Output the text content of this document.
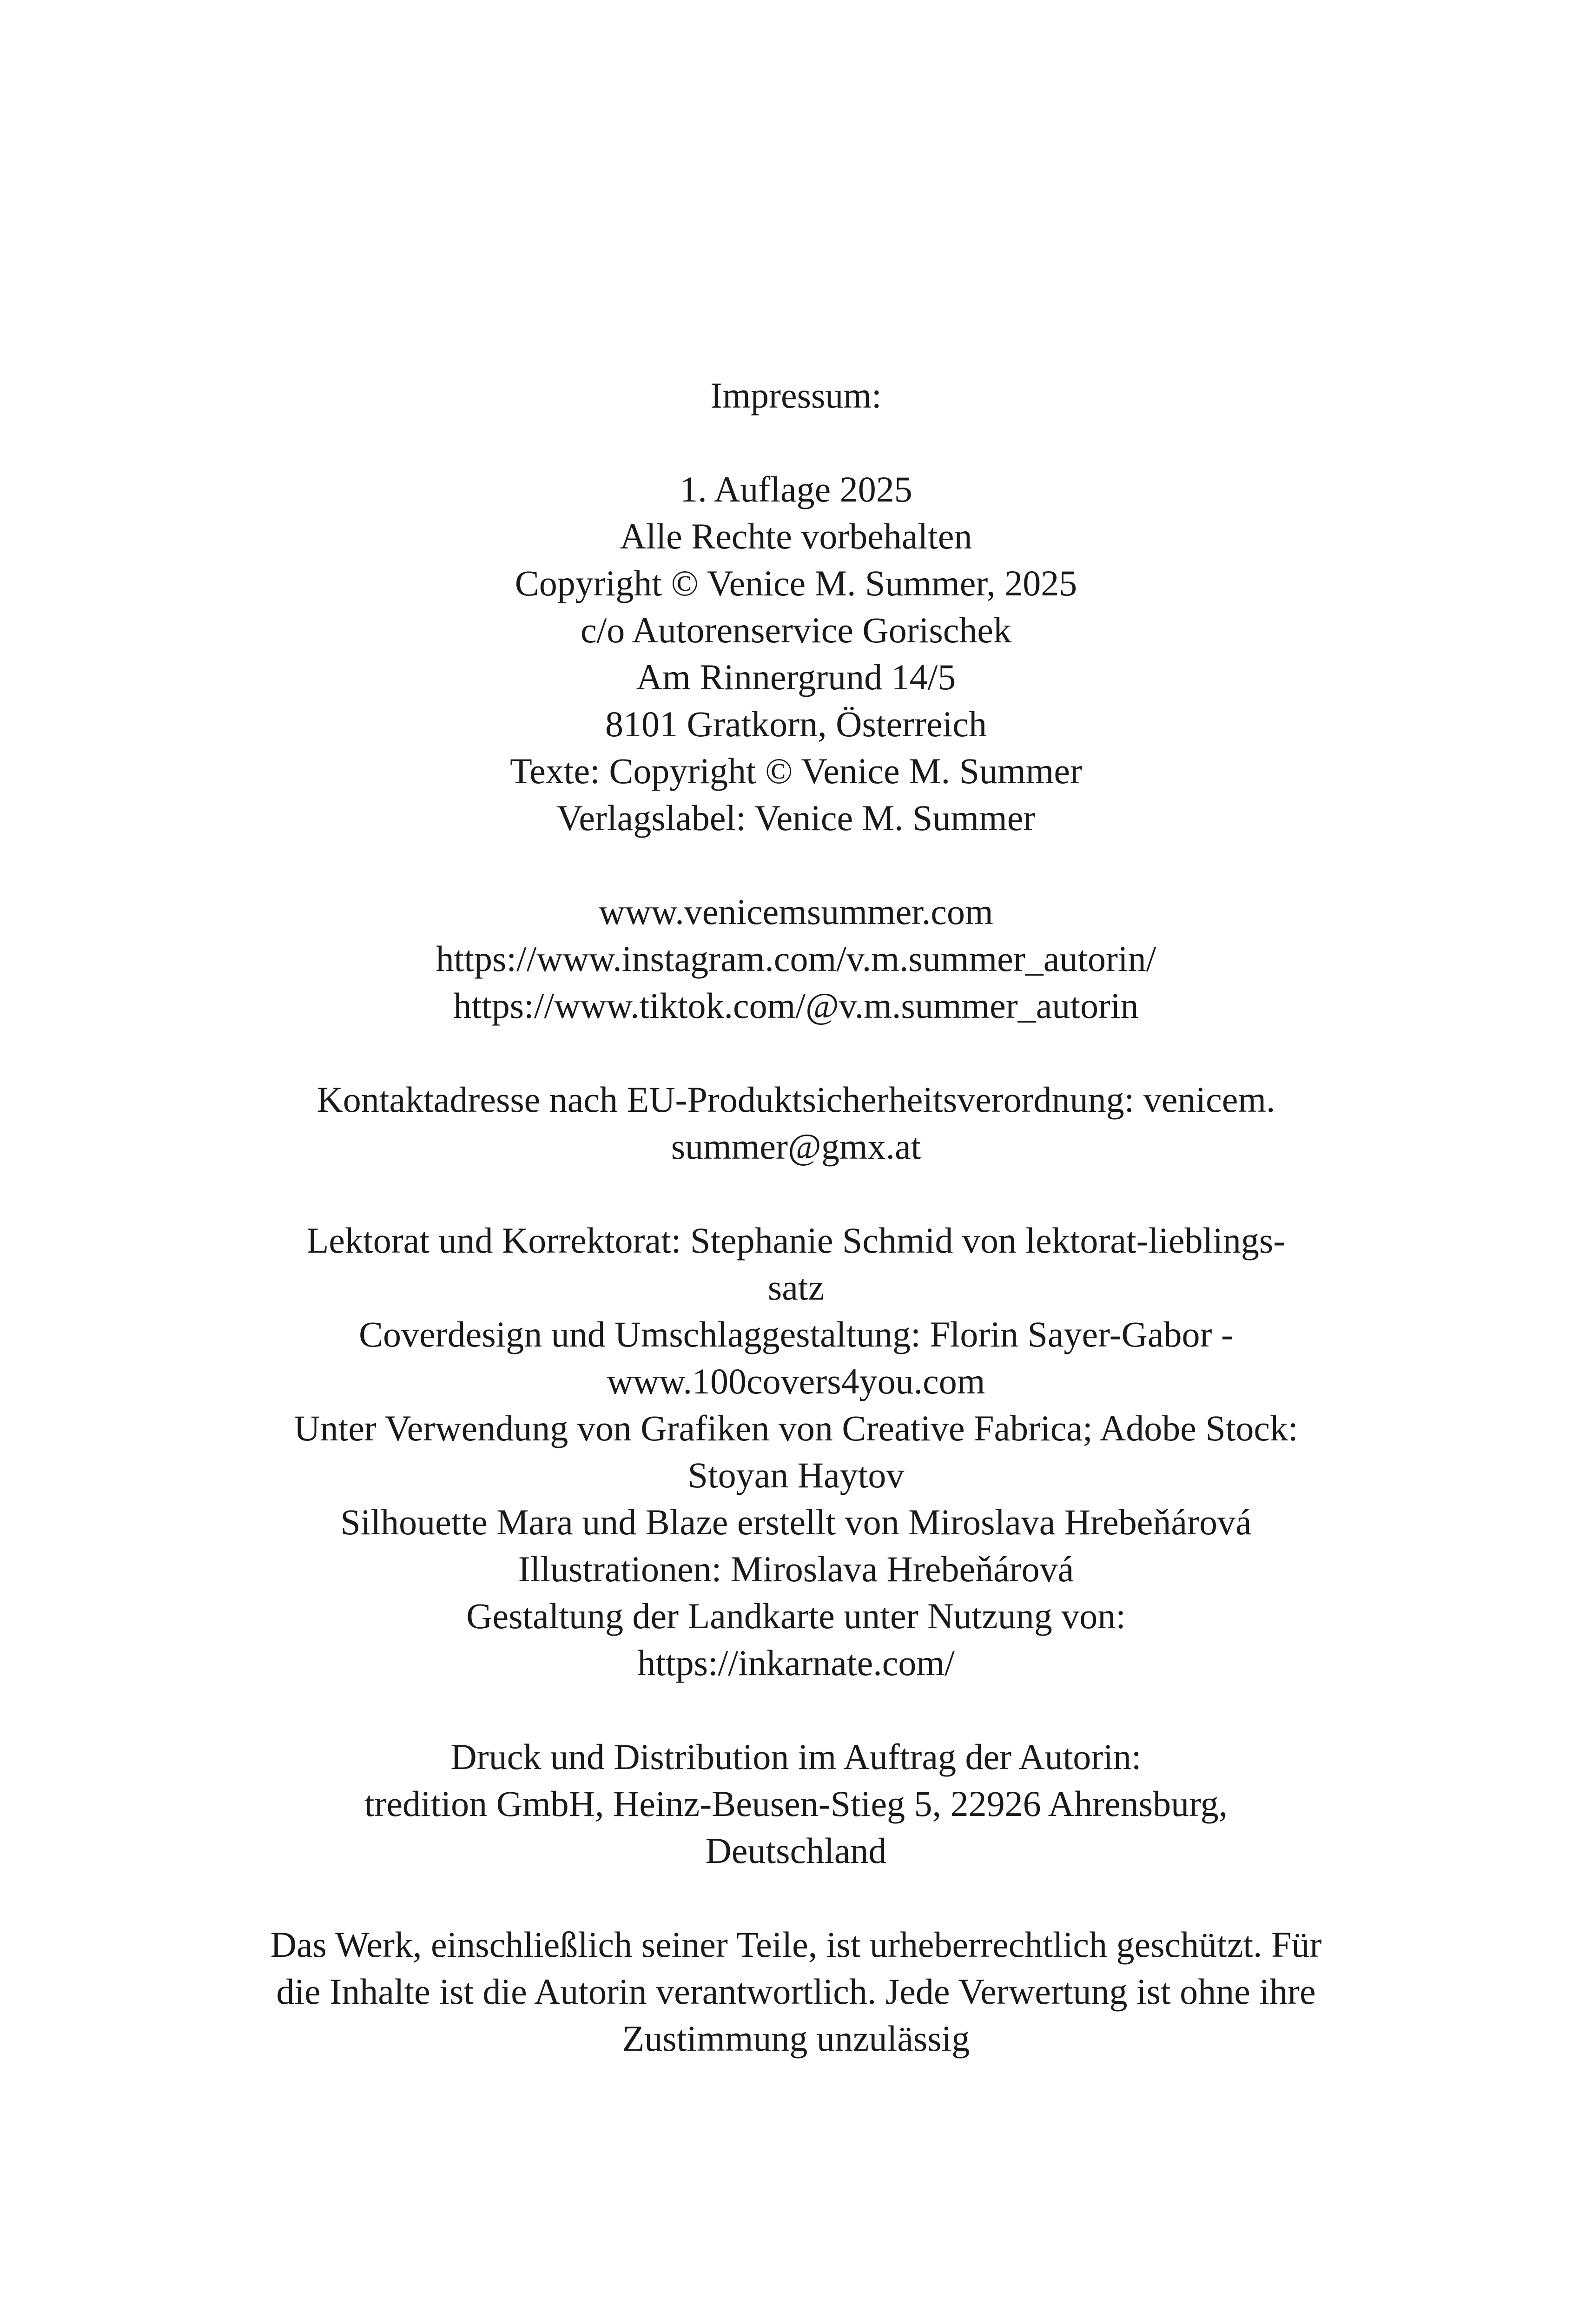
Impressum:
1. Auflage 2025
Alle Rechte vorbehalten
Copyright © Venice M. Summer, 2025
c/o Autorenservice Gorischek
Am Rinnergrund 14/5
8101 Gratkorn, Österreich
Texte: Copyright © Venice M. Summer
Verlagslabel: Venice M. Summer
www.venicemsummer.com
https://www.instagram.com/v.m.summer_autorin/
https://www.tiktok.com/@v.m.summer_autorin
Kontaktadresse nach EU-Produktsicherheitsverordnung: venicem.
summer@gmx.at
Lektorat und Korrektorat: Stephanie Schmid von lektorat-lieblings-
satz
Coverdesign und Umschlaggestaltung: Florin Sayer-Gabor -
www.100covers4you.com
Unter Verwendung von Grafiken von Creative Fabrica; Adobe Stock:
Stoyan Haytov
Silhouette Mara und Blaze erstellt von Miroslava Hrebeňárová
Illustrationen: Miroslava Hrebeňárová
Gestaltung der Landkarte unter Nutzung von:
https://inkarnate.com/
Druck und Distribution im Auftrag der Autorin:
tredition GmbH, Heinz-Beusen-Stieg 5, 22926 Ahrensburg,
Deutschland
Das Werk, einschließlich seiner Teile, ist urheberrechtlich geschützt. Für
die Inhalte ist die Autorin verantwortlich. Jede Verwertung ist ohne ihre
Zustimmung unzulässig
